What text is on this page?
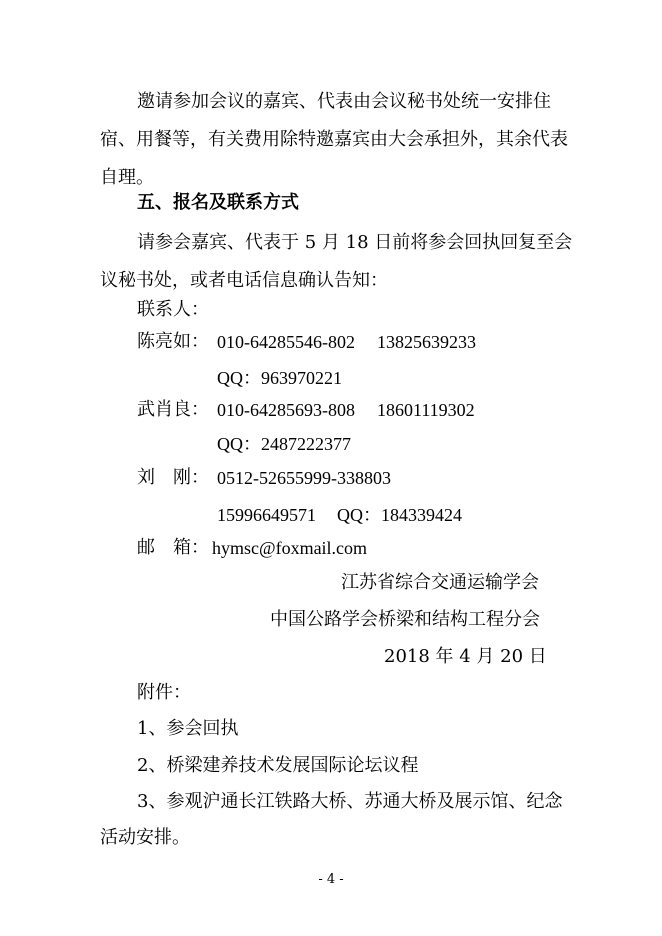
邀请参加会议的嘉宾、代表由会议秘书处统一安排住
宿、用餐等，有关费用除特邀嘉宾由大会承担外，其余代表
自理。
五、报名及联系方式
请参会嘉宾、代表于 5 月 18 日前将参会回执回复至会
议秘书处，或者电话信息确认告知：
联系人：
陈亮如： 010-64285546-802 13825639233
QQ：963970221
武肖良： 010-64285693-808 18601119302
QQ：2487222377
刘　刚： 0512-52655999-338803
15996649571 QQ：184339424
邮　箱： hymsc@foxmail.com
江苏省综合交通运输学会
中国公路学会桥梁和结构工程分会
2018 年 4 月 20 日
附件：
1、参会回执
2、桥梁建养技术发展国际论坛议程
3、参观沪通长江铁路大桥、苏通大桥及展示馆、纪念
活动安排。
- 4 -
